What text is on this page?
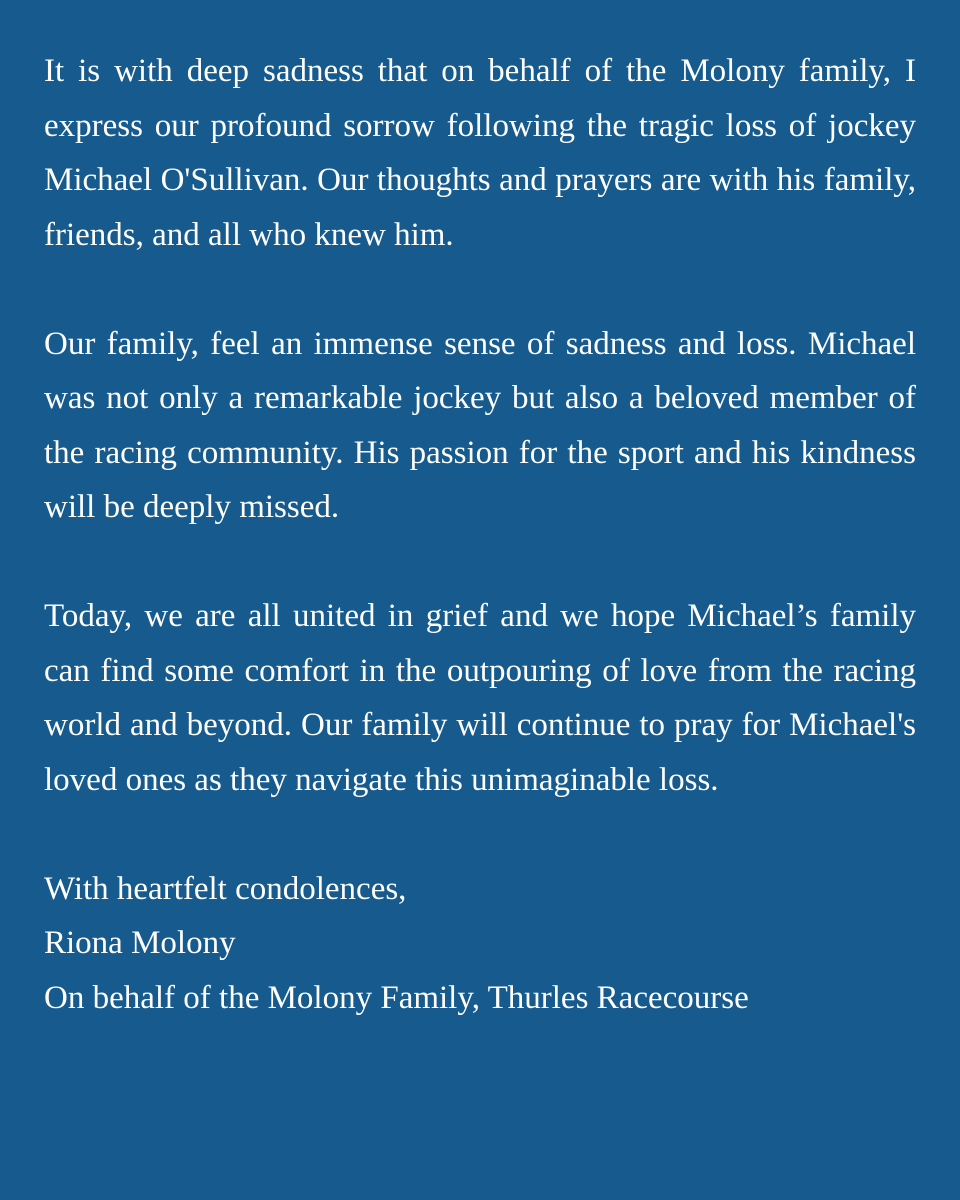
It is with deep sadness that on behalf of the Molony family, I express our profound sorrow following the tragic loss of jockey Michael O'Sullivan. Our thoughts and prayers are with his family, friends, and all who knew him.

Our family, feel an immense sense of sadness and loss. Michael was not only a remarkable jockey but also a beloved member of the racing community. His passion for the sport and his kindness will be deeply missed.

Today, we are all united in grief and we hope Michael’s family can find some comfort in the outpouring of love from the racing world and beyond. Our family will continue to pray for Michael's loved ones as they navigate this unimaginable loss.

With heartfelt condolences,
Riona Molony
On behalf of the Molony Family, Thurles Racecourse
